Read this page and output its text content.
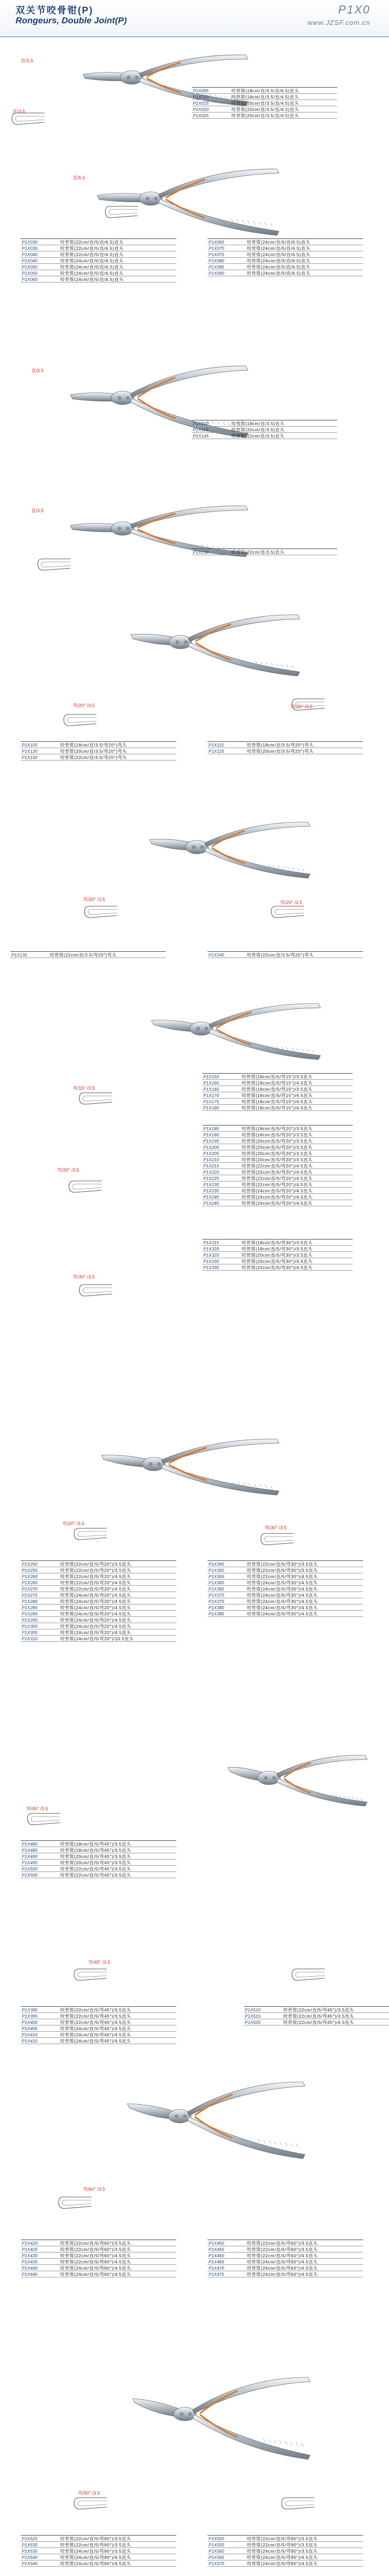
双关节咬骨钳(P)
Rongeurs, Double Joint(P)
P1X0
www.JZSF.com.cn
直/3.5
直/3.5
P1X005	咬骨钳(18cm/直/3.5/直/6.5)直头
P1X010	咬骨钳(18cm/直/3.5/直/4.5)直头
P1X015	咬骨钳(20cm/直/3.5/直/4.5)直头
P1X020	咬骨钳(20cm/直/3.5/直/4.5)直头
P1X025	咬骨钳(20cm/直/3.5/直/4.5)直头
直/6.5
P1X030	咬骨钳(22cm/直/5/直/6.5)直头
P1X035	咬骨钳(22cm/直/5/直/6.5)直头
P1X040	咬骨钳(22cm/直/5/直/6.5)直头
P1X045	咬骨钳(24cm/直/5/直/6.5)直头
P1X050	咬骨钳(24cm/直/5/直/6.5)直头
P1X055	咬骨钳(24cm/直/5/直/6.5)直头
P1X060	咬骨钳(24cm/直/5/直/6.5)直头
P1X065	咬骨钳(24cm/直/5/直/6.5)直头
P1X070	咬骨钳(24cm/直/5/直/6.5)直头
P1X075	咬骨钳(24cm/直/5/直/6.5)直头
P1X080	咬骨钳(24cm/直/5/直/6.5)直头
P1X085	咬骨钳(24cm/直/5/直/6.5)直头
P1X090	咬骨钳(24cm/直/5/直/6.5)直头
直/3.5
P1X100	咬骨钳(18cm/直/3.5)直头
P1X115	咬骨钳(20cm/直/3.5)直头
P1X145	咬骨钳(22cm/直/3.5)直头
直/3.5
P1X130	咬骨钳(22cm/直/3.5)直头
弯/20° /3.5	弯/20° /3.5
P1X105	咬骨钳(18cm/直/3.5/弯20°)弯头
P1X120	咬骨钳(20cm/直/3.5/弯20°)弯头
P1X150	咬骨钳(22cm/直/3.5/弯20°)弯头
P1X110	咬骨钳(18cm/直/3.5/弯20°)弯头
P1X125	咬骨钳(20cm/直/3.5/弯20°)弯头
弯/20° /3.5
弯/20° /3.5
P1X135	咬骨钳(22cm/直/3.5/弯20°)弯头	P1X140	咬骨钳(22cm/直/3.5/弯20°)弯头
弯/15° /3.5
弯/20° /3.5
弯/30° /3.5
P1X155	咬骨钳(18cm/直/5/弯15°)/3.5直头
P1X160	咬骨钳(18cm/直/5/弯15°)/4.5直头
P1X165	咬骨钳(18cm/直/5/弯15°)/3.5直头
P1X170	咬骨钳(18cm/直/5/弯15°)/4.5直头
P1X175	咬骨钳(18cm/直/5/弯15°)/4.5直头
P1X180	咬骨钳(18cm/直/5/弯15°)/4.5直头
P1X185	咬骨钳(18cm/直/5/弯20°)/3.5直头
P1X190	咬骨钳(18cm/直/5/弯20°)/3.5直头
P1X195	咬骨钳(20cm/直/5/弯20°)/3.5直头
P1X200	咬骨钳(20cm/直/5/弯20°)/3.5直头
P1X205	咬骨钳(20cm/直/5/弯20°)/3.5直头
P1X210	咬骨钳(20cm/直/5/弯20°)/3.5直头
P1X215	咬骨钳(22cm/直/5/弯20°)/4.5直头
P1X220	咬骨钳(22cm/直/5/弯20°)/4.5直头
P1X225	咬骨钳(22cm/直/5/弯20°)/4.5直头
P1X230	咬骨钳(22cm/直/5/弯20°)/4.5直头
P1X235	咬骨钳(24cm/直/5/弯20°)/4.5直头
P1X240	咬骨钳(24cm/直/5/弯20°)/4.5直头
P1X245	咬骨钳(24cm/直/5/弯20°)/4.5直头
P1X315	咬骨钳(18cm/直/5/弯30°)/3.5直头
P1X320	咬骨钳(18cm/直/5/弯30°)/3.5直头
P1X325	咬骨钳(20cm/直/5/弯30°)/3.5直头
P1X330	咬骨钳(20cm/直/5/弯30°)/4.5直头
P1X335	咬骨钳(22cm/直/5/弯30°)/4.5直头
弯/20° /3.5
弯/30° /3.5
P1X250	咬骨钳(22cm/直/5/弯20°)/3.5直头
P1X255	咬骨钳(22cm/直/5/弯20°)/3.5直头
P1X260	咬骨钳(22cm/直/5/弯20°)/4.5直头
P1X265	咬骨钳(22cm/直/5/弯20°)/4.5直头
P1X270	咬骨钳(22cm/直/5/弯20°)/4.5直头
P1X275	咬骨钳(24cm/直/5/弯20°)/4.5直头
P1X280	咬骨钳(24cm/直/5/弯20°)/4.5直头
P1X285	咬骨钳(24cm/直/5/弯20°)/4.5直头
P1X290	咬骨钳(24cm/直/5/弯20°)/4.5直头
P1X295	咬骨钳(24cm/直/5/弯20°)/4.5直头
P1X300	咬骨钳(24cm/直/5/弯20°)/4.5直头
P1X305	咬骨钳(24cm/直/5/弯20°)/4.5直头
P1X310	咬骨钳(24cm/直/5/弯20°)/10.5直头
P1X345	咬骨钳(22cm/直/5/弯30°)/3.5直头
P1X350	咬骨钳(22cm/直/5/弯30°)/3.5直头
P1X355	咬骨钳(22cm/直/5/弯30°)/4.5直头
P1X360	咬骨钳(24cm/直/5/弯30°)/4.5直头
P1X365	咬骨钳(24cm/直/5/弯30°)/4.5直头
P1X370	咬骨钳(24cm/直/5/弯30°)/4.5直头
P1X375	咬骨钳(24cm/直/5/弯30°)/4.5直头
P1X380	咬骨钳(24cm/直/5/弯30°)/4.5直头
P1X385	咬骨钳(24cm/直/5/弯30°)/4.5直头
弯/45° /3.5
弯/45° /3.5
P1X480	咬骨钳(18cm/直/5/弯45°)/3.5直头
P1X485	咬骨钳(18cm/直/5/弯45°)/3.5直头
P1X490	咬骨钳(20cm/直/5/弯45°)/3.5直头
P1X495	咬骨钳(20cm/直/5/弯45°)/3.5直头
P1X500	咬骨钳(22cm/直/5/弯45°)/3.5直头
P1X505	咬骨钳(22cm/直/5/弯45°)/3.5直头
P1X390	咬骨钳(22cm/直/5/弯45°)/3.5直头
P1X395	咬骨钳(22cm/直/5/弯45°)/3.5直头
P1X400	咬骨钳(22cm/直/5/弯45°)/4.5直头
P1X405	咬骨钳(24cm/直/5/弯45°)/4.5直头
P1X410	咬骨钳(24cm/直/5/弯45°)/4.5直头
P1X415	咬骨钳(24cm/直/5/弯45°)/4.5直头
P1X510	咬骨钳(22cm/直/5/弯45°)/3.5直头
P1X515	咬骨钳(22cm/直/5/弯45°)/3.5直头
P1X520	咬骨钳(22cm/直/5/弯45°)/4.5直头
弯/60° /3.5
P1X420	咬骨钳(22cm/直/5/弯60°)/3.5直头
P1X425	咬骨钳(22cm/直/5/弯60°)/3.5直头
P1X430	咬骨钳(22cm/直/5/弯60°)/4.5直头
P1X435	咬骨钳(22cm/直/5/弯60°)/4.5直头
P1X440	咬骨钳(24cm/直/5/弯60°)/4.5直头
P1X445	咬骨钳(24cm/直/5/弯60°)/4.5直头
P1X450	咬骨钳(22cm/直/5/弯60°)/3.5直头
P1X455	咬骨钳(22cm/直/5/弯60°)/3.5直头
P1X460	咬骨钳(22cm/直/5/弯60°)/4.5直头
P1X465	咬骨钳(24cm/直/5/弯60°)/4.5直头
P1X470	咬骨钳(24cm/直/5/弯60°)/4.5直头
P1X475	咬骨钳(24cm/直/5/弯60°)/4.5直头
弯/90° /3.5
P1X525	咬骨钳(22cm/直/5/弯90°)/3.5直头
P1X530	咬骨钳(22cm/直/5/弯90°)/3.5直头
P1X535	咬骨钳(24cm/直/5/弯90°)/3.5直头
P1X540	咬骨钳(24cm/直/5/弯90°)/4.5直头
P1X545	咬骨钳(24cm/直/5/弯90°)/4.5直头
P1X550	咬骨钳(22cm/直/5/弯90°)/3.5直头
P1X555	咬骨钳(22cm/直/5/弯90°)/3.5直头
P1X560	咬骨钳(24cm/直/5/弯90°)/3.5直头
P1X565	咬骨钳(24cm/直/5/弯90°)/4.5直头
P1X570	咬骨钳(24cm/直/5/弯90°)/4.5直头
